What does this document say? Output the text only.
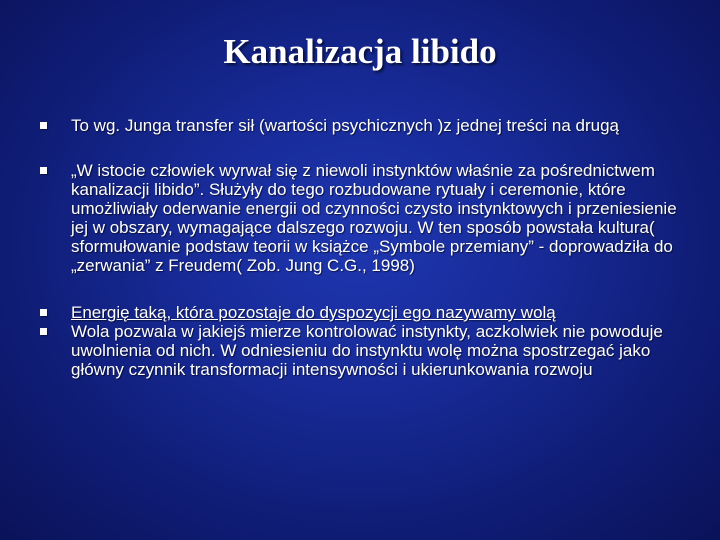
Kanalizacja libido
To wg. Junga transfer sił (wartości psychicznych )z jednej treści na drugą
„W istocie człowiek wyrwał się z niewoli instynktów właśnie za pośrednictwem kanalizacji libido”. Służyły do tego rozbudowane rytuały i ceremonie, które umożliwiały oderwanie energii od czynności czysto instynktowych i przeniesienie jej w obszary, wymagające dalszego rozwoju. W ten sposób powstała kultura( sformułowanie podstaw teorii w książce „Symbole przemiany” - doprowadziła do „zerwania” z Freudem( Zob. Jung C.G., 1998)
Energię taką, która pozostaje do dyspozycji ego nazywamy wolą
Wola pozwala w jakiejś mierze kontrolować instynkty, aczkolwiek nie powoduje uwolnienia od nich. W odniesieniu do instynktu wolę można spostrzegać jako główny czynnik transformacji intensywności i ukierunkowania rozwoju
